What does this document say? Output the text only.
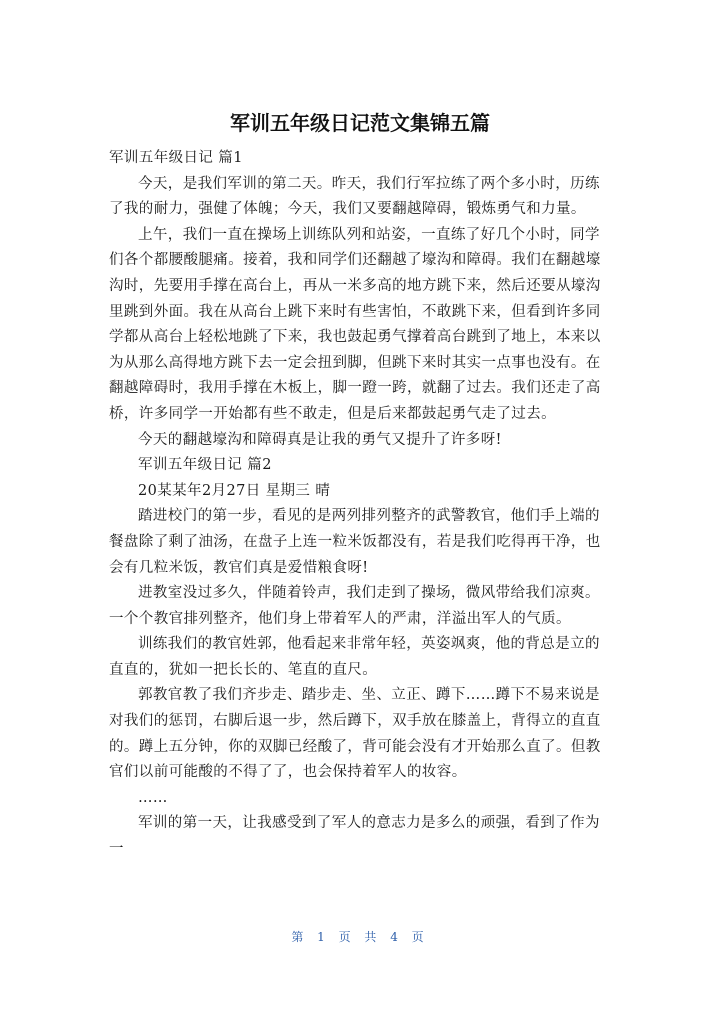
军训五年级日记范文集锦五篇

军训五年级日记 篇1

今天，是我们军训的第二天。昨天，我们行军拉练了两个多小时，历练了我的耐力，强健了体魄；今天，我们又要翻越障碍，锻炼勇气和力量。

上午，我们一直在操场上训练队列和站姿，一直练了好几个小时，同学们各个都腰酸腿痛。接着，我和同学们还翻越了壕沟和障碍。我们在翻越壕沟时，先要用手撑在高台上，再从一米多高的地方跳下来，然后还要从壕沟里跳到外面。我在从高台上跳下来时有些害怕，不敢跳下来，但看到许多同学都从高台上轻松地跳了下来，我也鼓起勇气撑着高台跳到了地上，本来以为从那么高得地方跳下去一定会扭到脚，但跳下来时其实一点事也没有。在翻越障碍时，我用手撑在木板上，脚一蹬一跨，就翻了过去。我们还走了高桥，许多同学一开始都有些不敢走，但是后来都鼓起勇气走了过去。

今天的翻越壕沟和障碍真是让我的勇气又提升了许多呀!

军训五年级日记 篇2

20某某年2月27日 星期三 晴

踏进校门的第一步，看见的是两列排列整齐的武警教官，他们手上端的餐盘除了剩了油汤，在盘子上连一粒米饭都没有，若是我们吃得再干净，也会有几粒米饭，教官们真是爱惜粮食呀!

进教室没过多久，伴随着铃声，我们走到了操场，微风带给我们凉爽。一个个教官排列整齐，他们身上带着军人的严肃，洋溢出军人的气质。

训练我们的教官姓郭，他看起来非常年轻，英姿飒爽，他的背总是立的直直的，犹如一把长长的、笔直的直尺。

郭教官教了我们齐步走、踏步走、坐、立正、蹲下……蹲下不易来说是对我们的惩罚，右脚后退一步，然后蹲下，双手放在膝盖上，背得立的直直的。蹲上五分钟，你的双脚已经酸了，背可能会没有才开始那么直了。但教官们以前可能酸的不得了了，也会保持着军人的妆容。

……

军训的第一天，让我感受到了军人的意志力是多么的顽强，看到了作为一

第 1 页 共 4 页
